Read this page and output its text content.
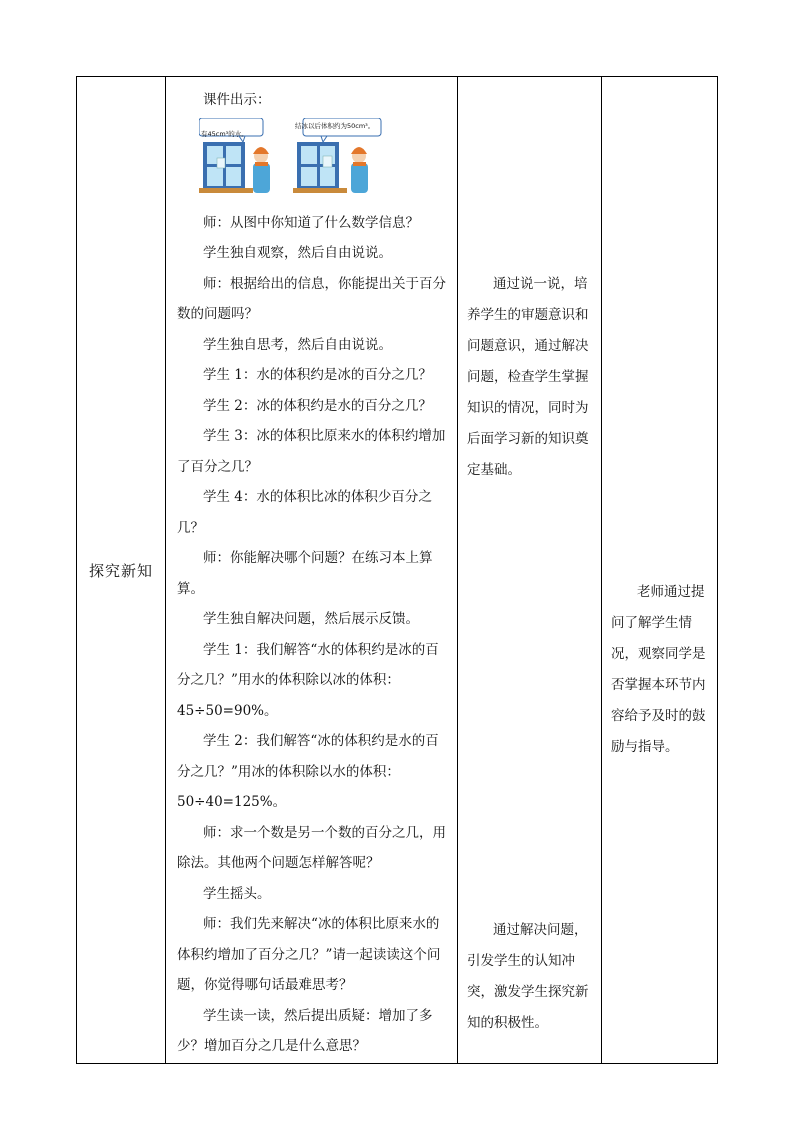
探究新知

课件出示：

有45cm³的水。
结冰以后体积约为50cm³。

师：从图中你知道了什么数学信息？

学生独自观察，然后自由说说。

师：根据给出的信息，你能提出关于百分数的问题吗？

学生独自思考，然后自由说说。

学生 1：水的体积约是冰的百分之几？

学生 2：冰的体积约是水的百分之几？

学生 3：冰的体积比原来水的体积约增加了百分之几？

学生 4：水的体积比冰的体积少百分之几？

师：你能解决哪个问题？在练习本上算算。

学生独自解决问题，然后展示反馈。

学生 1：我们解答“水的体积约是冰的百分之几？”用水的体积除以冰的体积：45÷50=90%。

学生 2：我们解答“冰的体积约是水的百分之几？”用冰的体积除以水的体积：50÷40=125%。

师：求一个数是另一个数的百分之几，用除法。其他两个问题怎样解答呢？

学生摇头。

师：我们先来解决“冰的体积比原来水的体积约增加了百分之几？”请一起读读这个问题，你觉得哪句话最难思考？

学生读一读，然后提出质疑：增加了多少？增加百分之几是什么意思？

通过说一说，培养学生的审题意识和问题意识，通过解决问题，检查学生掌握知识的情况，同时为后面学习新的知识奠定基础。

通过解决问题，引发学生的认知冲突，激发学生探究新知的积极性。

老师通过提问了解学生情况，观察同学是否掌握本环节内容给予及时的鼓励与指导。
